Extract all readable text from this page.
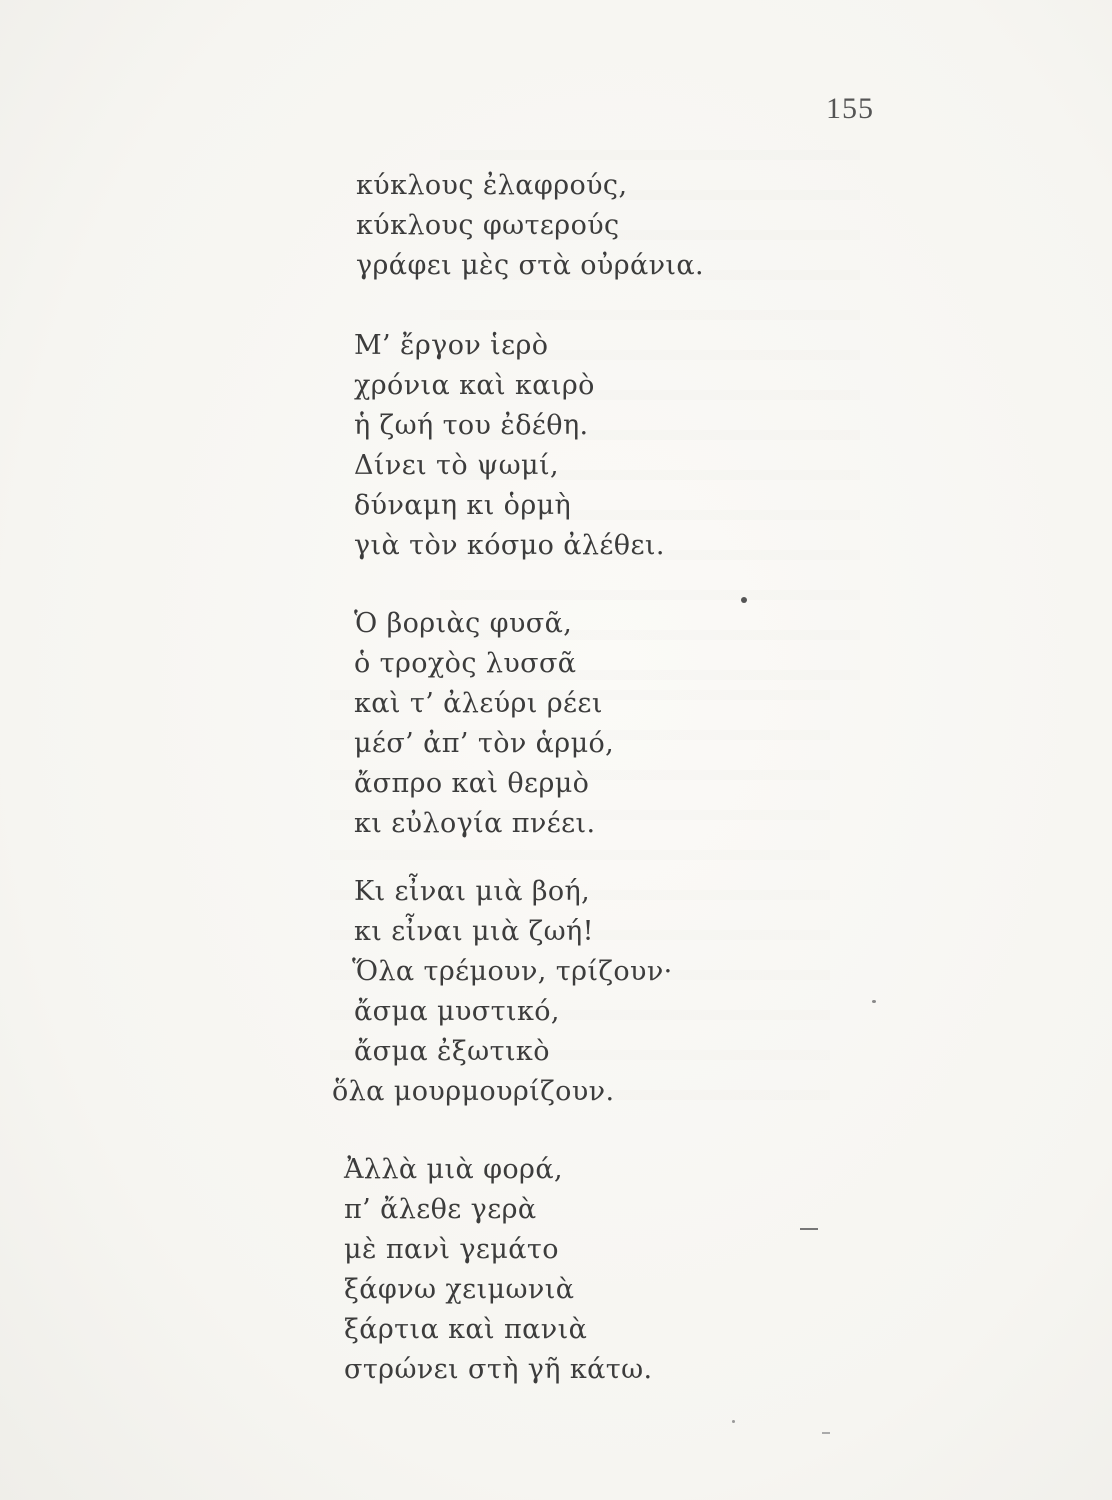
155
κύκλους ἐλαφρούς,
κύκλους φωτερούς
γράφει μὲς στὰ οὐράνια.
Μ’ ἔργον ἱερὸ
χρόνια καὶ καιρὸ
ἡ ζωή του ἐδέθη.
Δίνει τὸ ψωμί,
δύναμη κι ὁρμὴ
γιὰ τὸν κόσμο ἀλέθει.
Ὁ βοριὰς φυσᾶ,
ὁ τροχὸς λυσσᾶ
καὶ τ’ ἀλεύρι ρέει
μέσ’ ἀπ’ τὸν ἁρμό,
ἄσπρο καὶ θερμὸ
κι εὐλογία πνέει.
Κι εἶναι μιὰ βοή,
κι εἶναι μιὰ ζωή!
Ὅλα τρέμουν, τρίζουν·
ἄσμα μυστικό,
ἄσμα ἐξωτικὸ
ὅλα μουρμουρίζουν.
Ἀλλὰ μιὰ φορά,
π’ ἄλεθε γερὰ
μὲ πανὶ γεμάτο
ξάφνω χειμωνιὰ
ξάρτια καὶ πανιὰ
στρώνει στὴ γῆ κάτω.
